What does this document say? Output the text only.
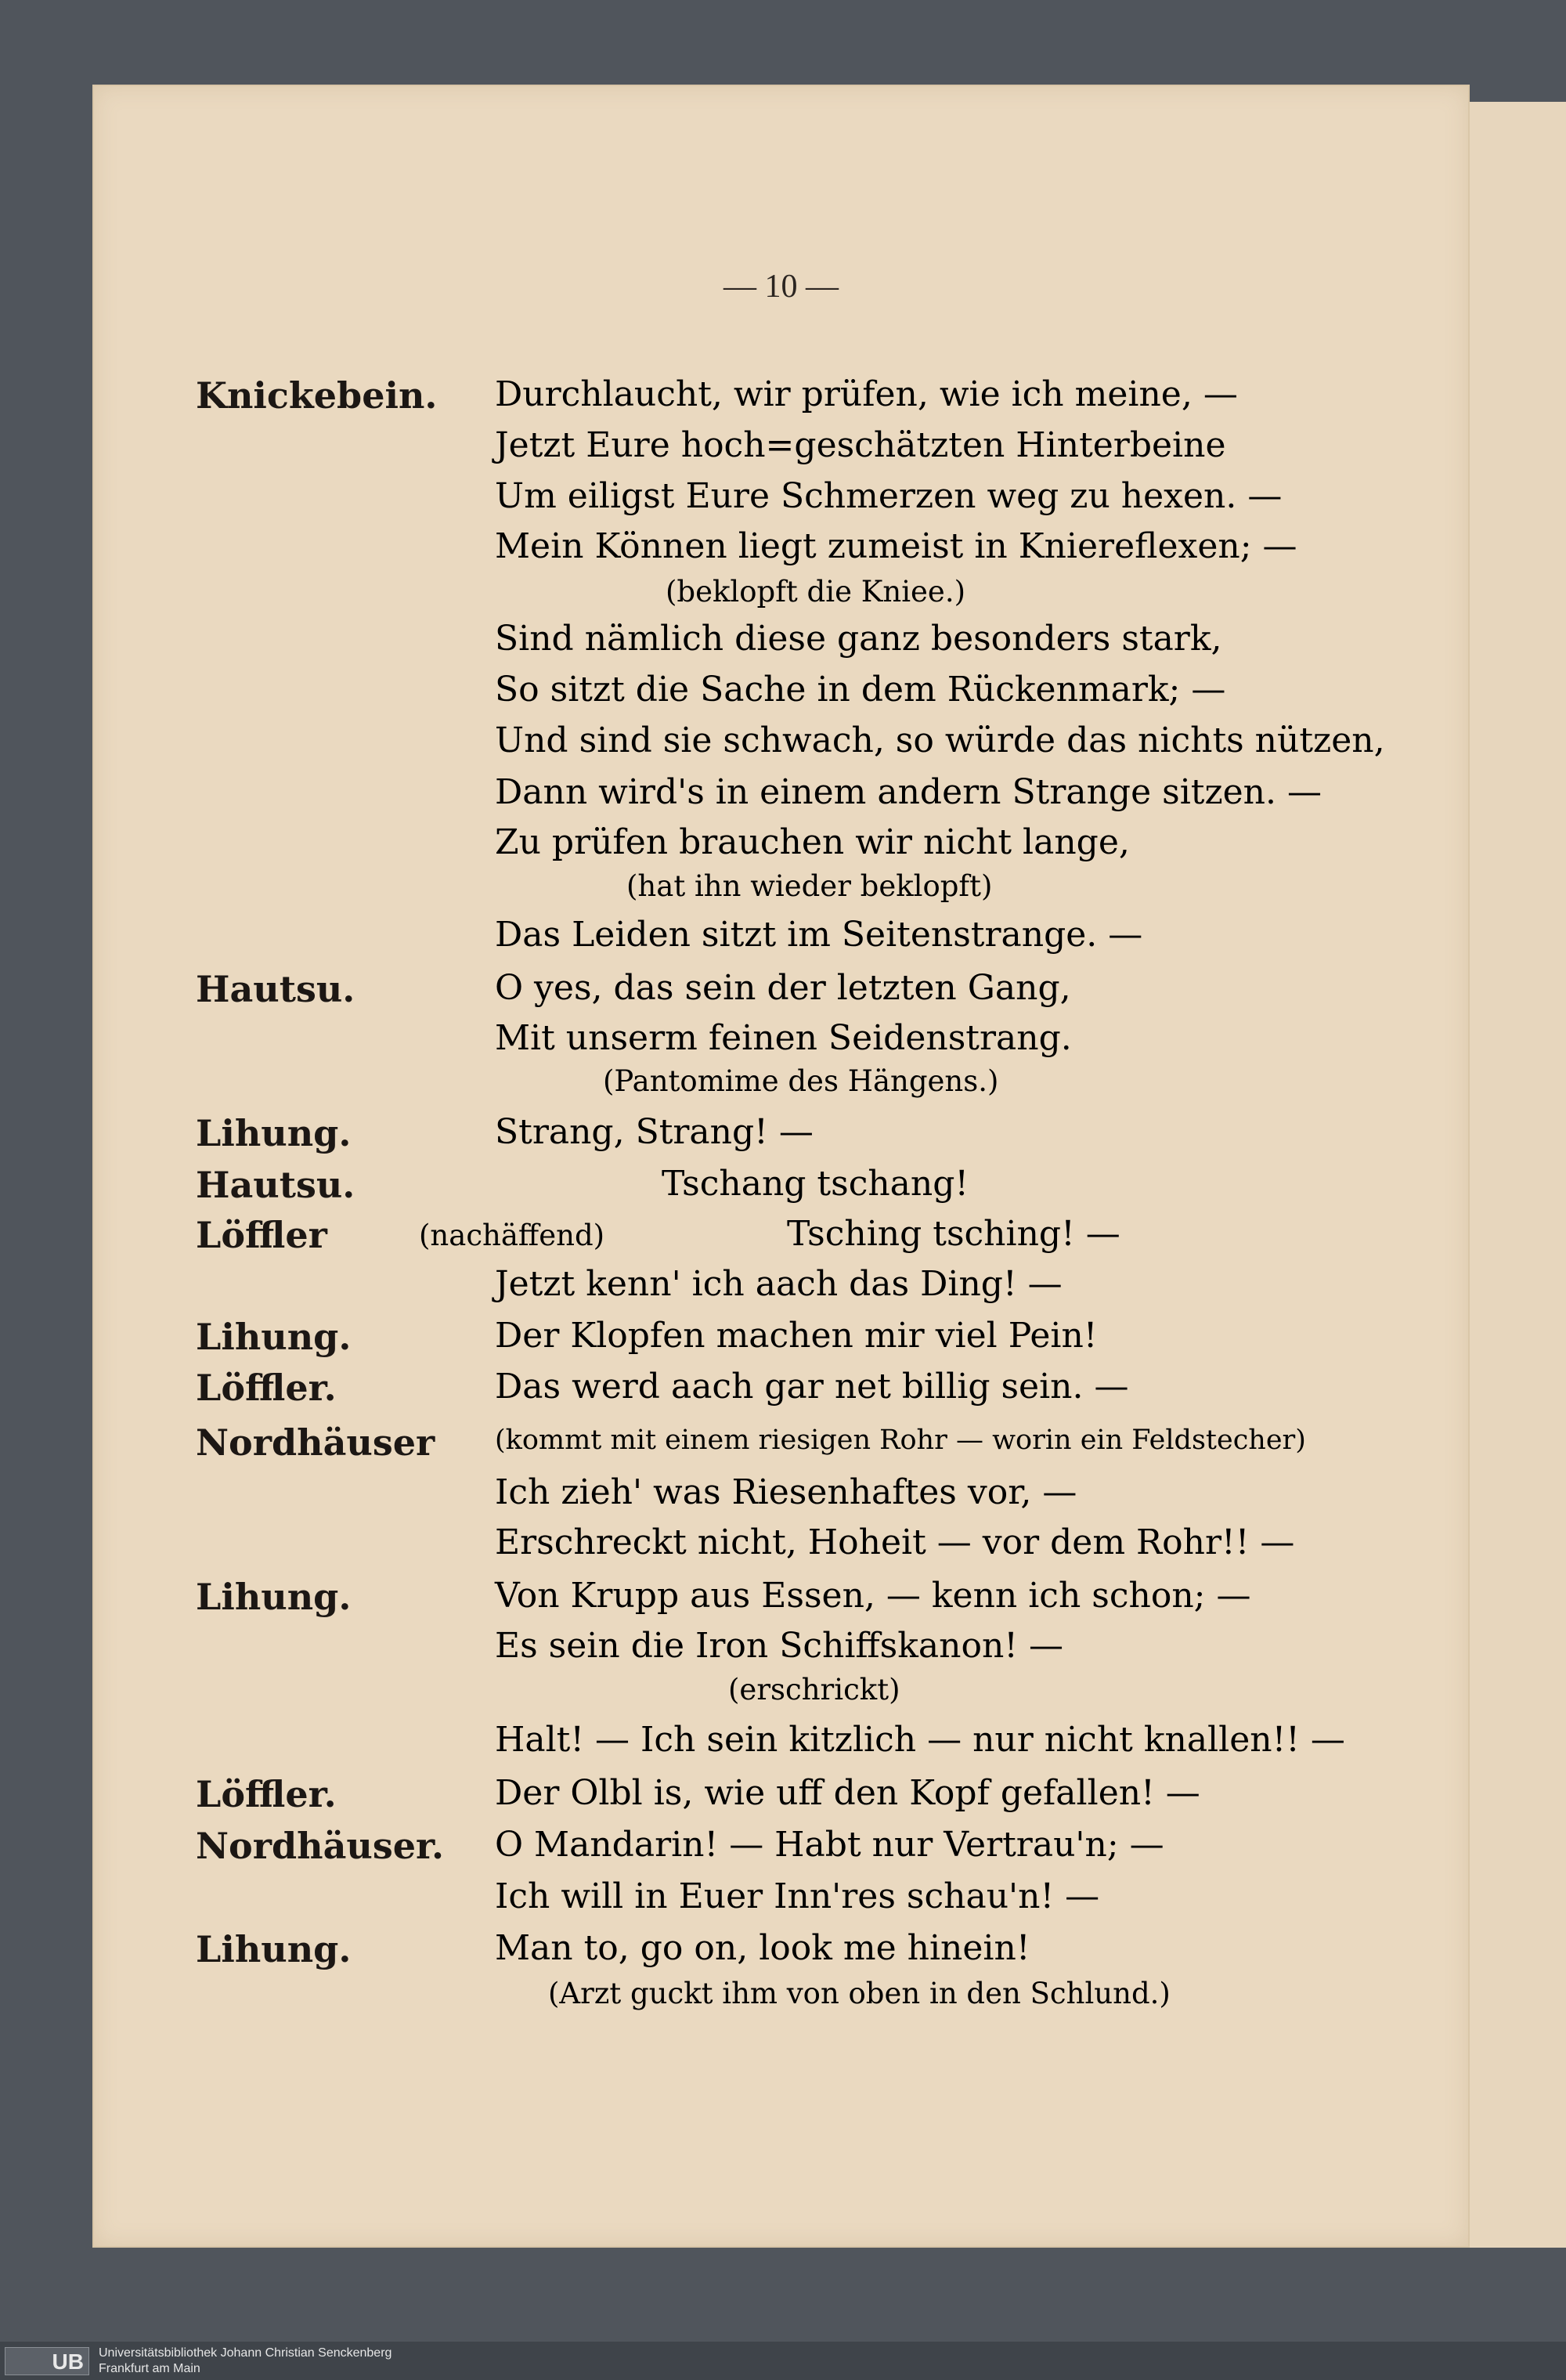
— 10 —
Knickebein. Durchlaucht, wir prüfen, wie ich meine, —
Jetzt Eure hoch=geschätzten Hinterbeine
Um eiligst Eure Schmerzen weg zu hexen. —
Mein Können liegt zumeist in Kniereflexen; —
(beklopft die Kniee.)
Sind nämlich diese ganz besonders stark,
So sitzt die Sache in dem Rückenmark; —
Und sind sie schwach, so würde das nichts nützen,
Dann wird's in einem andern Strange sitzen. —
Zu prüfen brauchen wir nicht lange,
(hat ihn wieder beklopft)
Das Leiden sitzt im Seitenstrange. —
Hautsu.	O yes, das sein der letzten Gang,
Mit unserm feinen Seidenstrang.
(Pantomime des Hängens.)
Lihung.	Strang, Strang! —
Hautsu.	Tschang tschang!
Löffler	(nachäffend)	Tsching tsching! —
Jetzt kenn' ich aach das Ding! —
Lihung.	Der Klopfen machen mir viel Pein!
Löffler.	Das werd aach gar net billig sein. —
Nordhäuser (kommt mit einem riesigen Rohr — worin ein Feldstecher)
Ich zieh' was Riesenhaftes vor, —
Erschreckt nicht, Hoheit — vor dem Rohr!! —
Lihung.	Von Krupp aus Essen, — kenn ich schon; —
Es sein die Iron Schiffskanon! —
(erschrickt)
Halt! — Ich sein kitzlich — nur nicht knallen!! —
Löffler.	Der Olbl is, wie uff den Kopf gefallen! —
Nordhäuser. O Mandarin! — Habt nur Vertrau'n; —
Ich will in Euer Inn'res schau'n! —
Lihung.	Man to, go on, look me hinein!
(Arzt guckt ihm von oben in den Schlund.)
UB	Universitätsbibliothek Johann Christian Senckenberg
Frankfurt am Main
